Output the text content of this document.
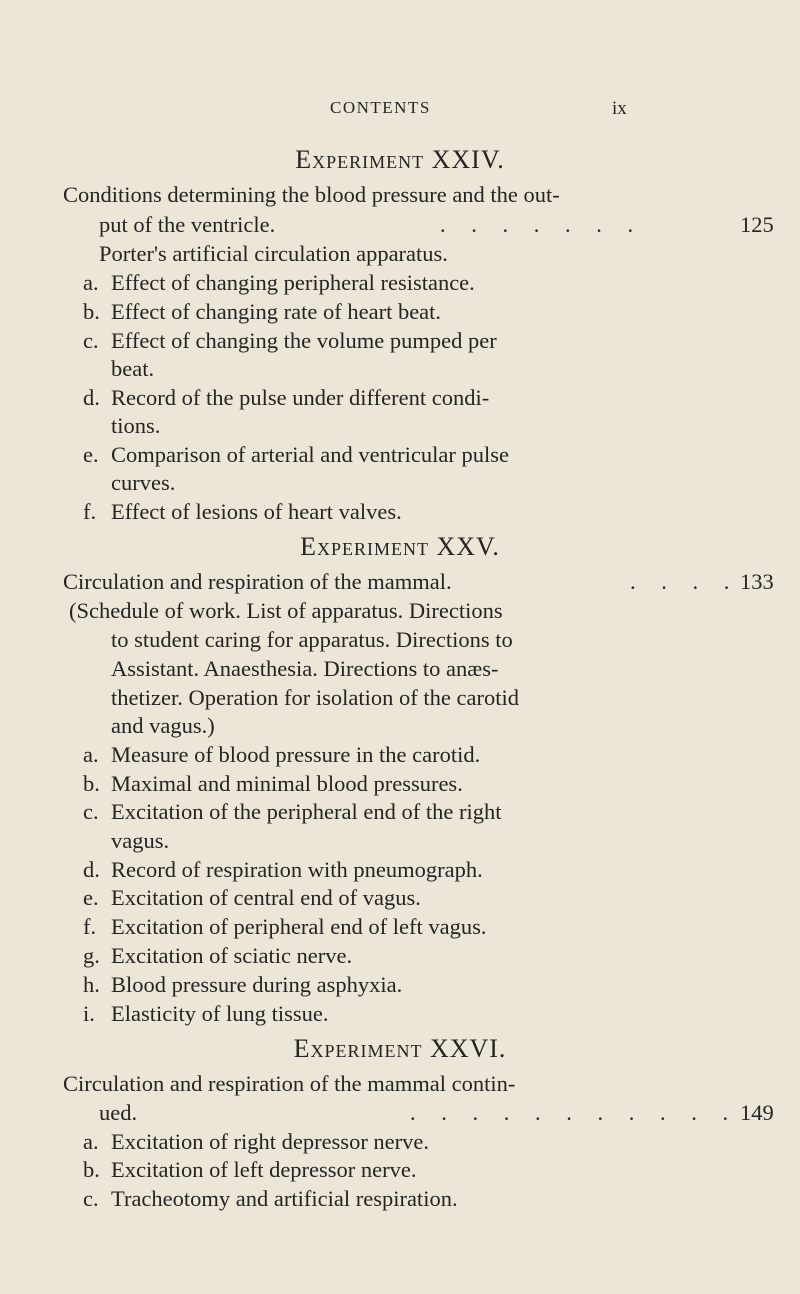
CONTENTS	ix
Experiment XXIV.
Conditions determining the blood pressure and the out-
put of the ventricle.	. . . . . . .	125
Porter's artificial circulation apparatus.
a. Effect of changing peripheral resistance.
b. Effect of changing rate of heart beat.
c. Effect of changing the volume pumped per
beat.
d. Record of the pulse under different condi-
tions.
e. Comparison of arterial and ventricular pulse
curves.
f. Effect of lesions of heart valves.
Experiment XXV.
Circulation and respiration of the mammal.	. . . . 133
(Schedule of work. List of apparatus. Directions
to student caring for apparatus. Directions to
Assistant. Anaesthesia. Directions to anæs-
thetizer. Operation for isolation of the carotid
and vagus.)
a. Measure of blood pressure in the carotid.
b. Maximal and minimal blood pressures.
c. Excitation of the peripheral end of the right
vagus.
d. Record of respiration with pneumograph.
e. Excitation of central end of vagus.
f. Excitation of peripheral end of left vagus.
g. Excitation of sciatic nerve.
h. Blood pressure during asphyxia.
i. Elasticity of lung tissue.
Experiment XXVI.
Circulation and respiration of the mammal contin-
ued.	. . . . . . . . . . . 149
a. Excitation of right depressor nerve.
b. Excitation of left depressor nerve.
c. Tracheotomy and artificial respiration.
